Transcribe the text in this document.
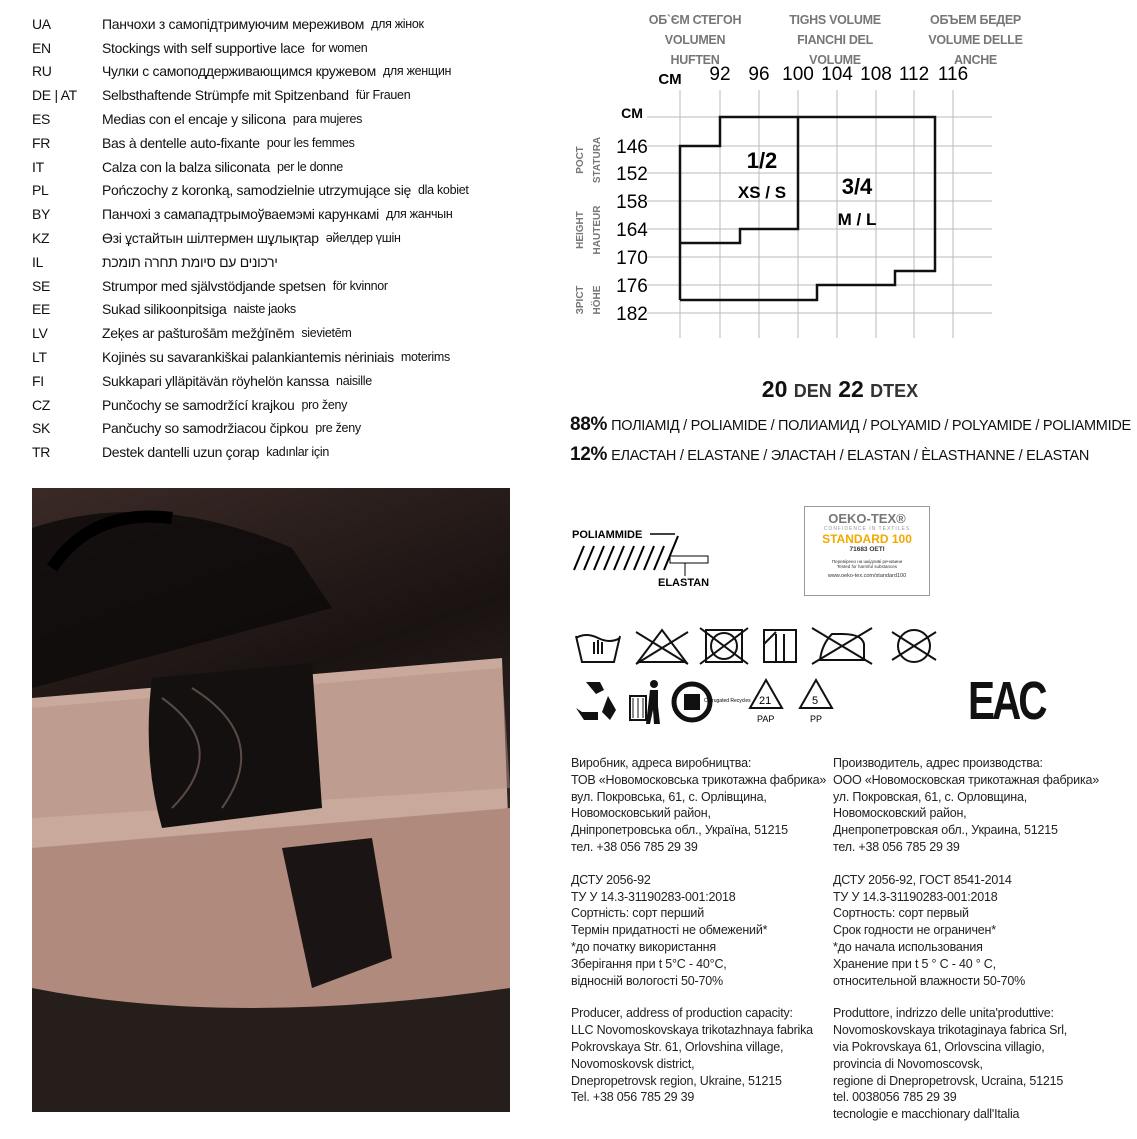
UA	Панчохи з самопідтримуючим мереживом для жінок
EN	Stockings with self supportive lace for women
RU	Чулки с самоподдерживающимся кружевом для женщин
DE | AT	Selbsthaftende Strümpfe mit Spitzenband für Frauen
ES	Medias con el encaje y silicona para mujeres
FR	Bas à dentelle auto-fixante pour les femmes
IT	Calza con la balza siliconata per le donne
PL	Pończochy z koronką, samodzielnie utrzymujące się dla kobiet
BY	Панчохі з самападтрымоўваемэмі карункамі для жанчын
KZ	Өзі ұстайтын шілтермен шұлықтар әйелдер үшін
IL	ירכונים עם סיומת תחרה תומכת
SE	Strumpor med självstödjande spetsen för kvinnor
EE	Sukad silikoonpitsiga naiste jaoks
LV	Zeķes ar pašturošām mežģīnēm sievietēm
LT	Kojinės su savarankiškai palankiantemis nėriniais moterims
FI	Sukkapari ylläpitävän röyhelön kanssa naisille
CZ	Punčochy se samodržící krajkou pro ženy
SK	Pančuchy so samodržiacou čipkou pre ženy
TR	Destek dantelli uzun çorap kadınlar için
ОБ`ЄМ СТЕГОН
VOLUMEN HUFTEN
TIGHS VOLUME
FIANCHI DEL VOLUME
ОБЪЕМ БЕДЕР
VOLUME DELLE ANCHE
CM 92 96 100 104 108 112 116
CM
146
152
158
164
170
176
182
РОСТ STATURA
HEIGHT HAUTEUR
ЗРІСТ HÖHE
1/2
XS / S	3/4
M / L
20 DEN 22 DTEX
88% ПОЛІАМІД / POLIAMIDE / ПОЛИАМИД / POLYAMID / POLYAMIDE / POLIAMMIDE
12% ЕЛАСТАН / ELASTANE / ЭЛАСТАН / ELASTAN / ÈLASTHANNE / ELASTAN
POLIAMMIDE
ELASTAN
OEKO-TEX®
CONFIDENCE IN TEXTILES
STANDARD 100
71683 OETI
Перевірено на шкідливі речовини
Tested for harmful substances
www.oeko-tex.com/standard100
Corrugated Recycles 21
PAP
5
PP	EAC

Виробник, адреса виробництва:
ТОВ «Новомосковська трикотажна фабрика»
вул. Покровська, 61, с. Орлівщина,
Новомосковський район,
Дніпропетровська обл., Україна, 51215
тел. +38 056 785 29 39

ДСТУ 2056-92
ТУ У 14.3-31190283-001:2018
Сортність: сорт перший
Термін придатності не обмежений*
*до початку використання
Зберігання при t 5°C - 40°C,
відносній вологості 50-70%

Producer, address of production capacity:
LLC Novomoskovskaya trikotazhnaya fabrika
Pokrovskaya Str. 61, Orlovshina village,
Novomoskovsk district,
Dnepropetrovsk region, Ukraine, 51215
Tel. +38 056 785 29 39

Производитель, адрес производства:
ООО «Новомосковская трикотажная фабрика»
ул. Покровская, 61, с. Орловщина,
Новомосковский район,
Днепропетровская обл., Украина, 51215
тел. +38 056 785 29 39

ДСТУ 2056-92, ГОСТ 8541-2014
ТУ У 14.3-31190283-001:2018
Сортность: сорт первый
Срок годности не ограничен*
*до начала использования
Хранение при t 5 ° C - 40 ° C,
относительной влажности 50-70%

Produttore, indrizzo delle unita'produttive:
Novomoskovskaya trikotaginaya fabrica Srl,
via Pokrovskaya 61, Orlovscina villagio,
provincia di Novomoscovsk,
regione di Dnepropetrovsk, Ucraina, 51215
tel. 0038056 785 29 39
tecnologie e macchionary dall'Italia
